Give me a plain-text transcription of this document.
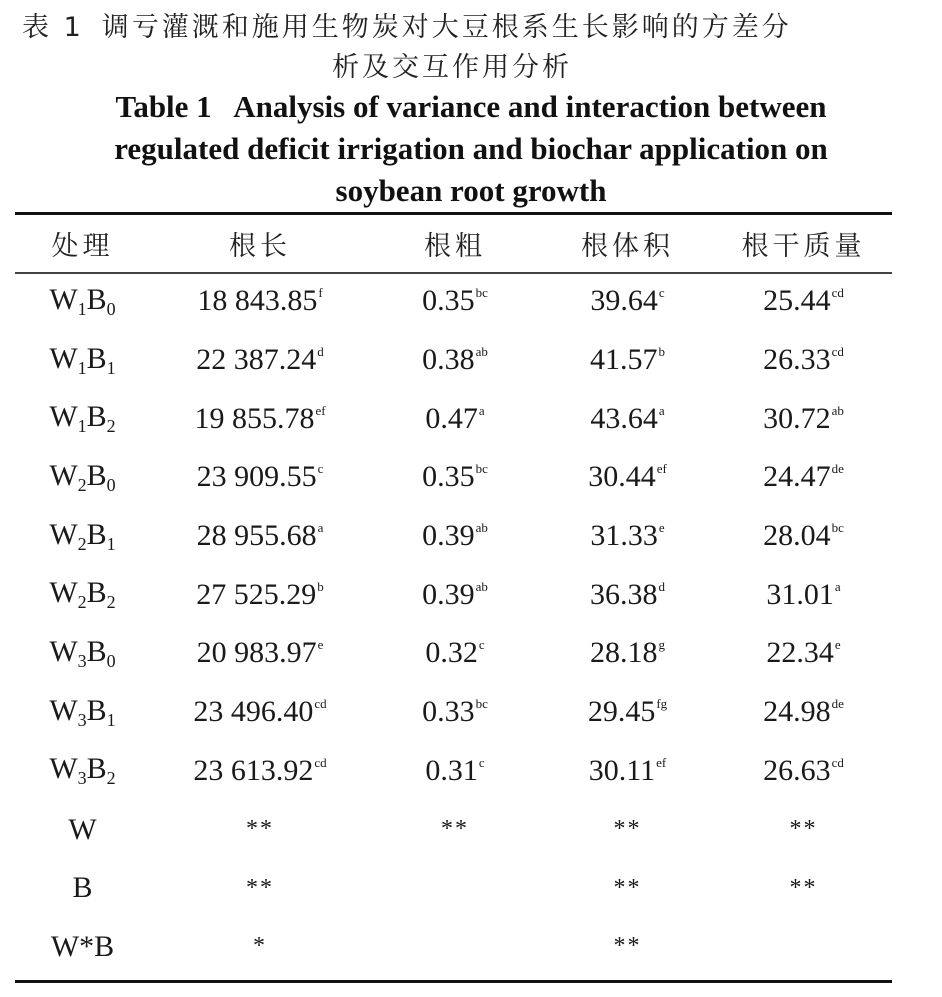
表 1 调亏灌溉和施用生物炭对大豆根系生长影响的方差分
析及交互作用分析
Table 1   Analysis of variance and interaction between
regulated deficit irrigation and biochar application on
soybean root growth
处理	根长	根粗	根体积	根干质量
$W_1B_0$	18 843.85$^f$	0.35$^{bc}$	39.64$^c$	25.44$^{cd}$
$W_1B_1$	22 387.24$^d$	0.38$^{ab}$	41.57$^b$	26.33$^{cd}$
$W_1B_2$	19 855.78$^{ef}$	0.47$^a$	43.64$^a$	30.72$^{ab}$
$W_2B_0$	23 909.55$^c$	0.35$^{bc}$	30.44$^{ef}$	24.47de
$W_2B_1$	28 955.68$^a$	0.39$^{ab}$	31.33e	28.04$^{bc}$
$W_2B_2$	27 525.29$^b$	0.39$^{ab}$	36.38$^d$	31.01$^a$
$W_3B_0$	20 983.97e	0.32$^c$	28.18$^g$	22.34e
$W_3B_1$	23 496.40$^{cd}$	0.33$^{bc}$	29.45$^{fg}$	24.98de
$W_3B_2$	23 613.92$^{cd}$	0.31$^c$	30.11$^{ef}$	26.63$^{cd}$
W	**	**	**	**
B	**		**	**
W*B	*		**	
